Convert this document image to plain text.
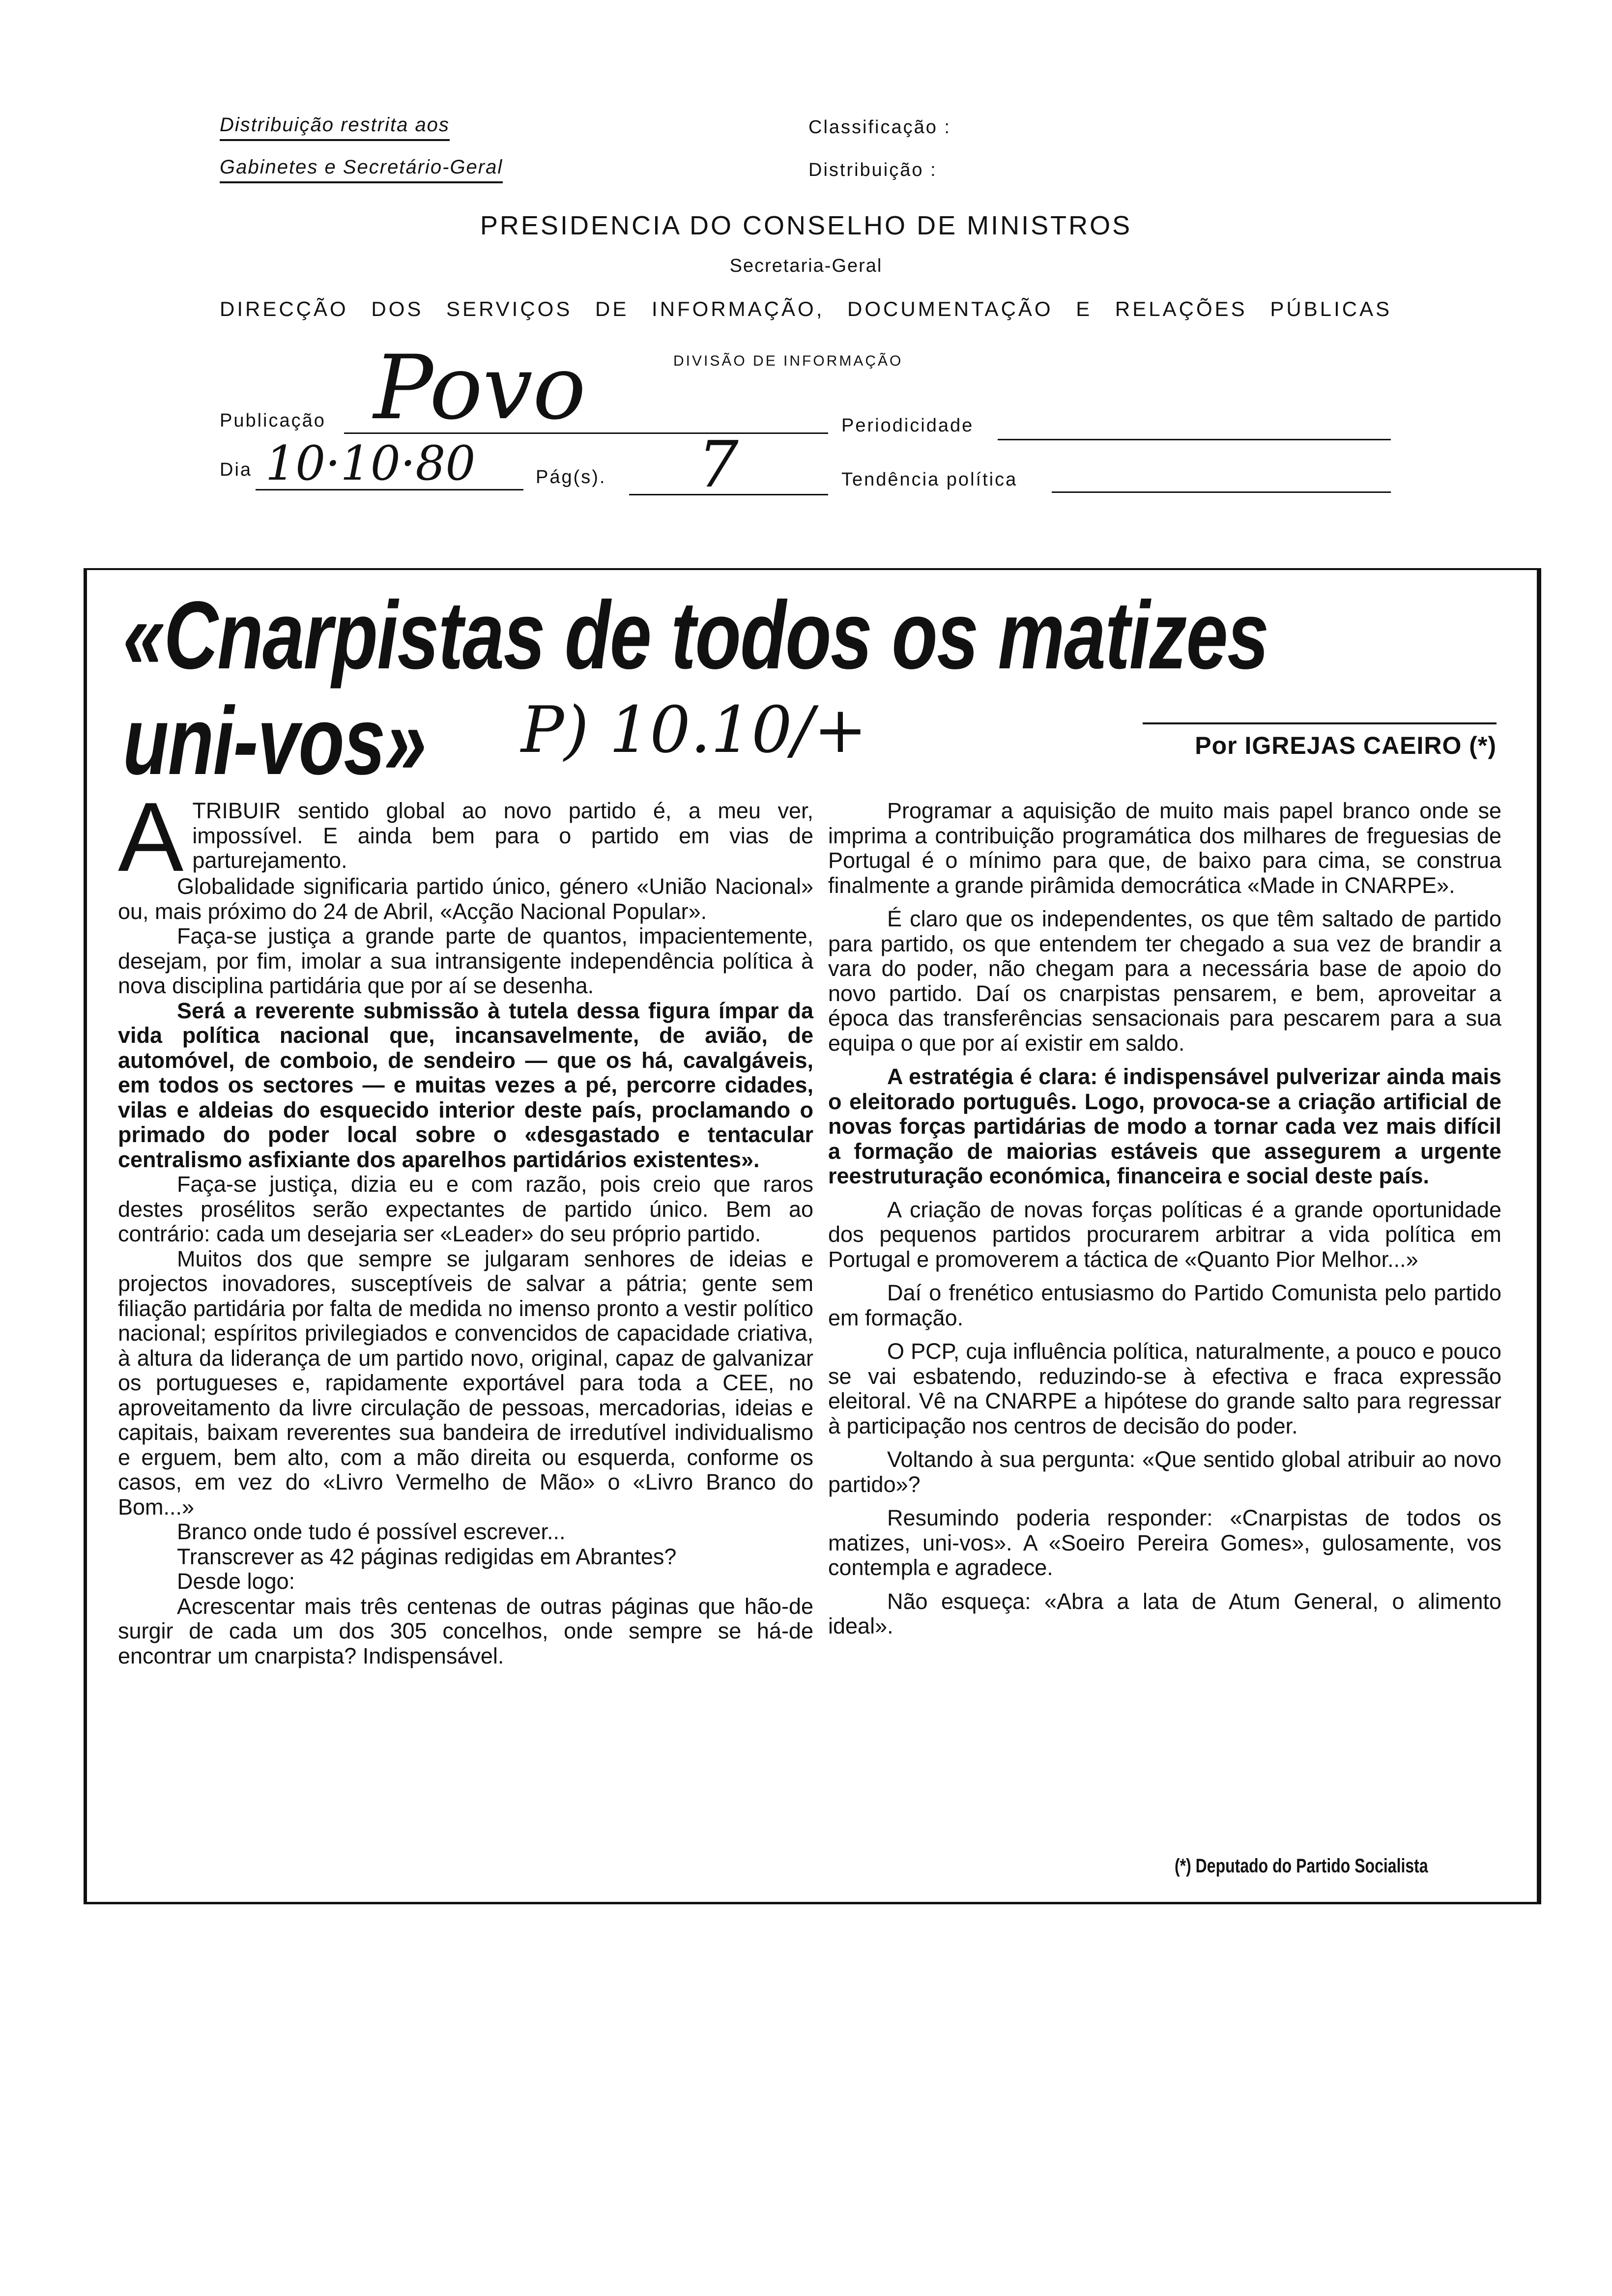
Distribuição restrita aos
Gabinetes e Secretário-Geral
Classificação :
Distribuição :
PRESIDENCIA DO CONSELHO DE MINISTROS
Secretaria-Geral
DIRECÇÃO DOS SERVIÇOS DE INFORMAÇÃO, DOCUMENTAÇÃO E RELAÇÕES PÚBLICAS
DIVISÃO DE INFORMAÇÃO
Publicação Povo	Periodicidade
Dia 10·10·80	Pág(s). 7	Tendência política
«Cnarpistas de todos os matizes
uni-vos» P) 10.10/+	Por IGREJAS CAEIRO (*)

ATRIBUIR sentido global ao novo partido é, a meu ver, impossível. E ainda bem para o partido em vias de parturejamento.

Globalidade significaria partido único, género «União Nacional» ou, mais próximo do 24 de Abril, «Acção Nacional Popular».

Faça-se justiça a grande parte de quantos, impacientemente, desejam, por fim, imolar a sua intransigente independência política à nova disciplina partidária que por aí se desenha.

Será a reverente submissão à tutela dessa figura ímpar da vida política nacional que, incansavelmente, de avião, de automóvel, de comboio, de sendeiro — que os há, cavalgáveis, em todos os sectores — e muitas vezes a pé, percorre cidades, vilas e aldeias do esquecido interior deste país, proclamando o primado do poder local sobre o «desgastado e tentacular centralismo asfixiante dos aparelhos partidários existentes».

Faça-se justiça, dizia eu e com razão, pois creio que raros destes prosélitos serão expectantes de partido único. Bem ao contrário: cada um desejaria ser «Leader» do seu próprio partido.

Muitos dos que sempre se julgaram senhores de ideias e projectos inovadores, susceptíveis de salvar a pátria; gente sem filiação partidária por falta de medida no imenso pronto a vestir político nacional; espíritos privilegiados e convencidos de capacidade criativa, à altura da liderança de um partido novo, original, capaz de galvanizar os portugueses e, rapidamente exportável para toda a CEE, no aproveitamento da livre circulação de pessoas, mercadorias, ideias e capitais, baixam reverentes sua bandeira de irredutível individualismo e erguem, bem alto, com a mão direita ou esquerda, conforme os casos, em vez do «Livro Vermelho de Mão» o «Livro Branco do Bom...»

Branco onde tudo é possível escrever...

Transcrever as 42 páginas redigidas em Abrantes?

Desde logo:

Acrescentar mais três centenas de outras páginas que hão-de surgir de cada um dos 305 concelhos, onde sempre se há-de encontrar um cnarpista? Indispensável.

Programar a aquisição de muito mais papel branco onde se imprima a contribuição programática dos milhares de freguesias de Portugal é o mínimo para que, de baixo para cima, se construa finalmente a grande pirâmida democrática «Made in CNARPE».

É claro que os independentes, os que têm saltado de partido para partido, os que entendem ter chegado a sua vez de brandir a vara do poder, não chegam para a necessária base de apoio do novo partido. Daí os cnarpistas pensarem, e bem, aproveitar a época das transferências sensacionais para pescarem para a sua equipa o que por aí existir em saldo.

A estratégia é clara: é indispensável pulverizar ainda mais o eleitorado português. Logo, provoca-se a criação artificial de novas forças partidárias de modo a tornar cada vez mais difícil a formação de maiorias estáveis que assegurem a urgente reestruturação económica, financeira e social deste país.

A criação de novas forças políticas é a grande oportunidade dos pequenos partidos procurarem arbitrar a vida política em Portugal e promoverem a táctica de «Quanto Pior Melhor...»

Daí o frenético entusiasmo do Partido Comunista pelo partido em formação.

O PCP, cuja influência política, naturalmente, a pouco e pouco se vai esbatendo, reduzindo-se à efectiva e fraca expressão eleitoral. Vê na CNARPE a hipótese do grande salto para regressar à participação nos centros de decisão do poder.

Voltando à sua pergunta: «Que sentido global atribuir ao novo partido»?

Resumindo poderia responder: «Cnarpistas de todos os matizes, uni-vos». A «Soeiro Pereira Gomes», gulosamente, vos contempla e agradece.

Não esqueça: «Abra a lata de Atum General, o alimento ideal».

(*) Deputado do Partido Socialista
